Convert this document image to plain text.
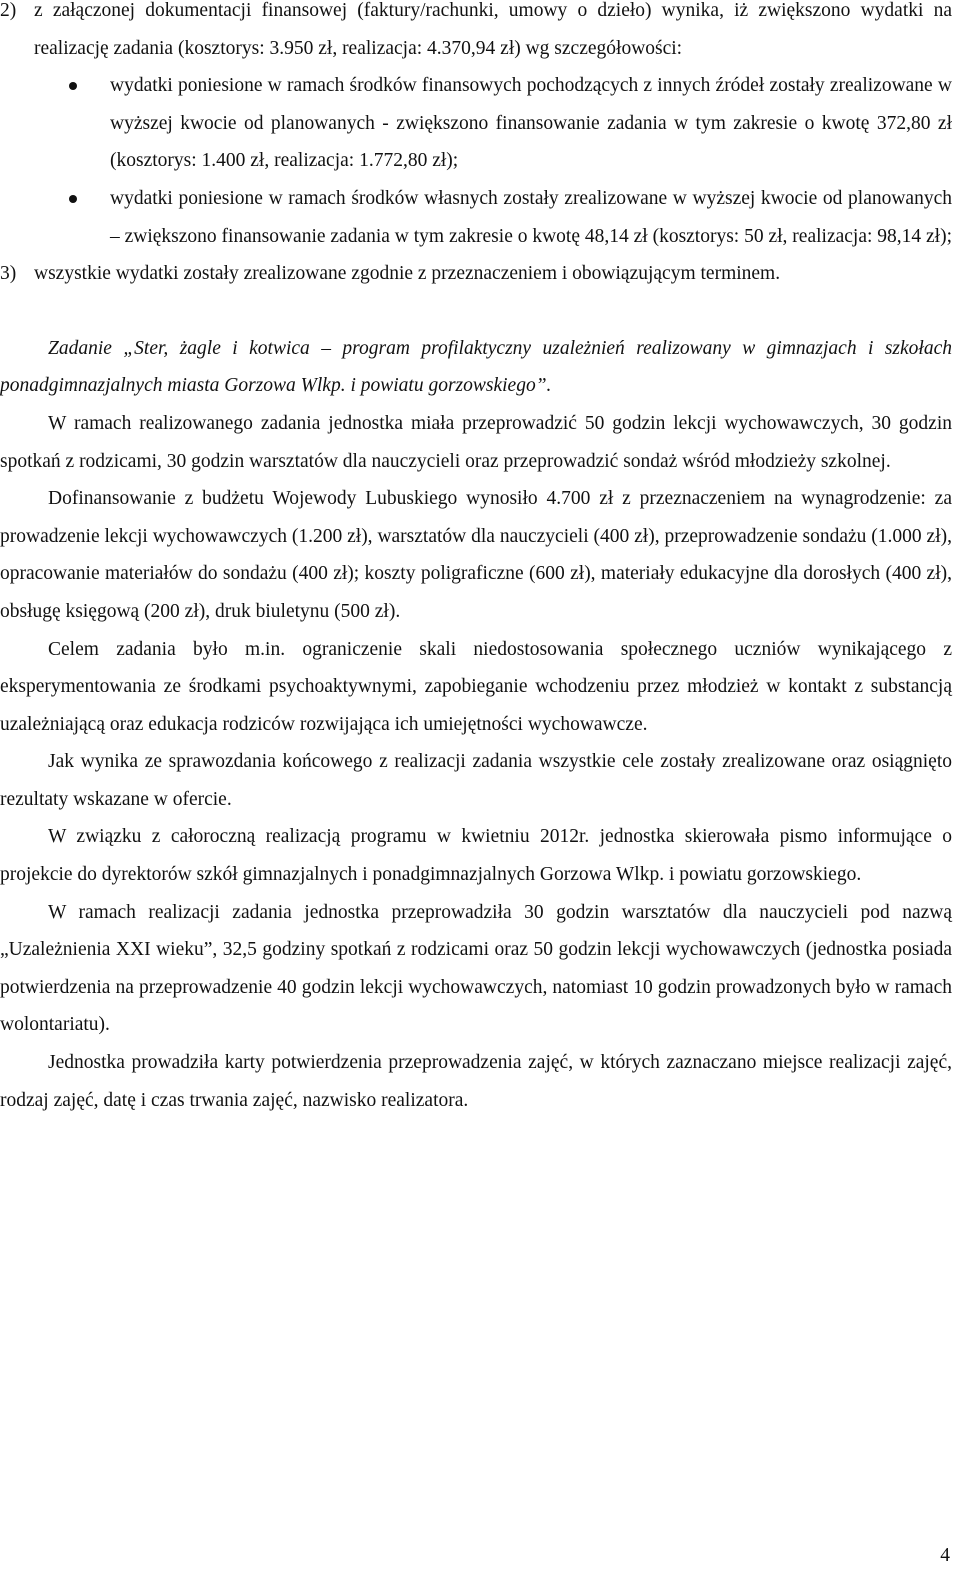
2) z załączonej dokumentacji finansowej (faktury/rachunki, umowy o dzieło) wynika, iż zwiększono wydatki na realizację zadania (kosztorys: 3.950 zł, realizacja: 4.370,94 zł) wg szczegółowości:

wydatki poniesione w ramach środków finansowych pochodzących z innych źródeł zostały zrealizowane w wyższej kwocie od planowanych - zwiększono finansowanie zadania w tym zakresie o kwotę 372,80 zł (kosztorys: 1.400 zł, realizacja: 1.772,80 zł);
wydatki poniesione w ramach środków własnych zostały zrealizowane w wyższej kwocie od planowanych – zwiększono finansowanie zadania w tym zakresie o kwotę 48,14 zł (kosztorys: 50 zł, realizacja: 98,14 zł);
3) wszystkie wydatki zostały zrealizowane zgodnie z przeznaczeniem i obowiązującym terminem.

Zadanie „Ster, żagle i kotwica – program profilaktyczny uzależnień realizowany w gimnazjach i szkołach ponadgimnazjalnych miasta Gorzowa Wlkp. i powiatu gorzowskiego”.

W ramach realizowanego zadania jednostka miała przeprowadzić 50 godzin lekcji wychowawczych, 30 godzin spotkań z rodzicami, 30 godzin warsztatów dla nauczycieli oraz przeprowadzić sondaż wśród młodzieży szkolnej.

Dofinansowanie z budżetu Wojewody Lubuskiego wynosiło 4.700 zł z przeznaczeniem na wynagrodzenie: za prowadzenie lekcji wychowawczych (1.200 zł), warsztatów dla nauczycieli (400 zł), przeprowadzenie sondażu (1.000 zł), opracowanie materiałów do sondażu (400 zł); koszty poligraficzne (600 zł), materiały edukacyjne dla dorosłych (400 zł), obsługę księgową (200 zł), druk biuletynu (500 zł).

Celem zadania było m.in. ograniczenie skali niedostosowania społecznego uczniów wynikającego z eksperymentowania ze środkami psychoaktywnymi, zapobieganie wchodzeniu przez młodzież w kontakt z substancją uzależniającą oraz edukacja rodziców rozwijająca ich umiejętności wychowawcze.

Jak wynika ze sprawozdania końcowego z realizacji zadania wszystkie cele zostały zrealizowane oraz osiągnięto rezultaty wskazane w ofercie.

W związku z całoroczną realizacją programu w kwietniu 2012r. jednostka skierowała pismo informujące o projekcie do dyrektorów szkół gimnazjalnych i ponadgimnazjalnych Gorzowa Wlkp. i powiatu gorzowskiego.

W ramach realizacji zadania jednostka przeprowadziła 30 godzin warsztatów dla nauczycieli pod nazwą „Uzależnienia XXI wieku”, 32,5 godziny spotkań z rodzicami oraz 50 godzin lekcji wychowawczych (jednostka posiada potwierdzenia na przeprowadzenie 40 godzin lekcji wychowawczych, natomiast 10 godzin prowadzonych było w ramach wolontariatu).

Jednostka prowadziła karty potwierdzenia przeprowadzenia zajęć, w których zaznaczano miejsce realizacji zajęć, rodzaj zajęć, datę i czas trwania zajęć, nazwisko realizatora.

4
